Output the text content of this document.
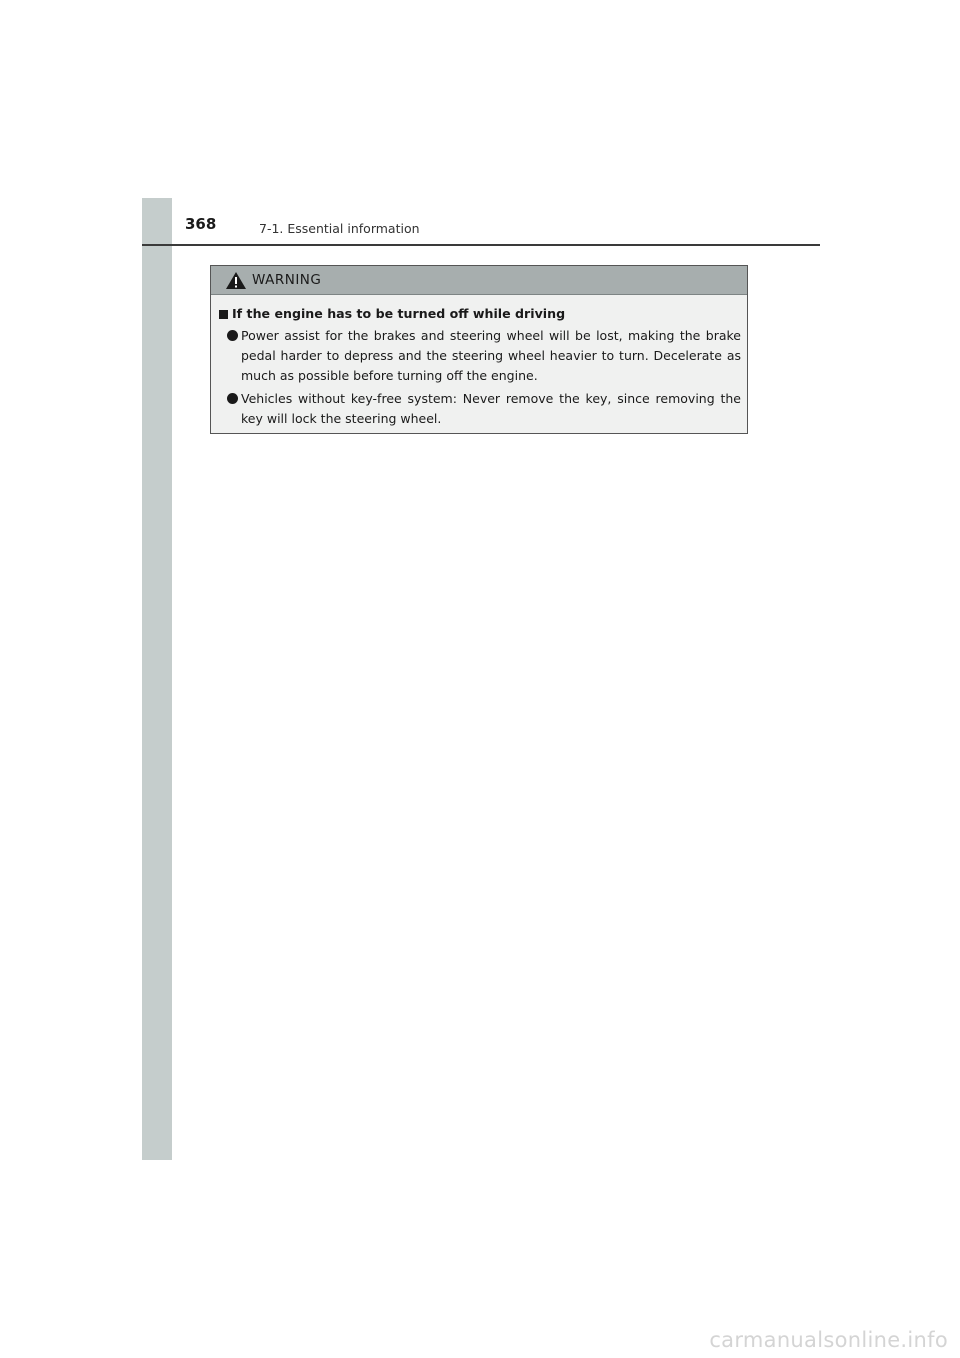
368	7-1. Essential information
WARNING
If the engine has to be turned off while driving
Power assist for the brakes and steering wheel will be lost, making the brake pedal harder to depress and the steering wheel heavier to turn. Decelerate as much as possible before turning off the engine.
Vehicles without key-free system: Never remove the key, since removing the key will lock the steering wheel.
carmanualsonline.info
